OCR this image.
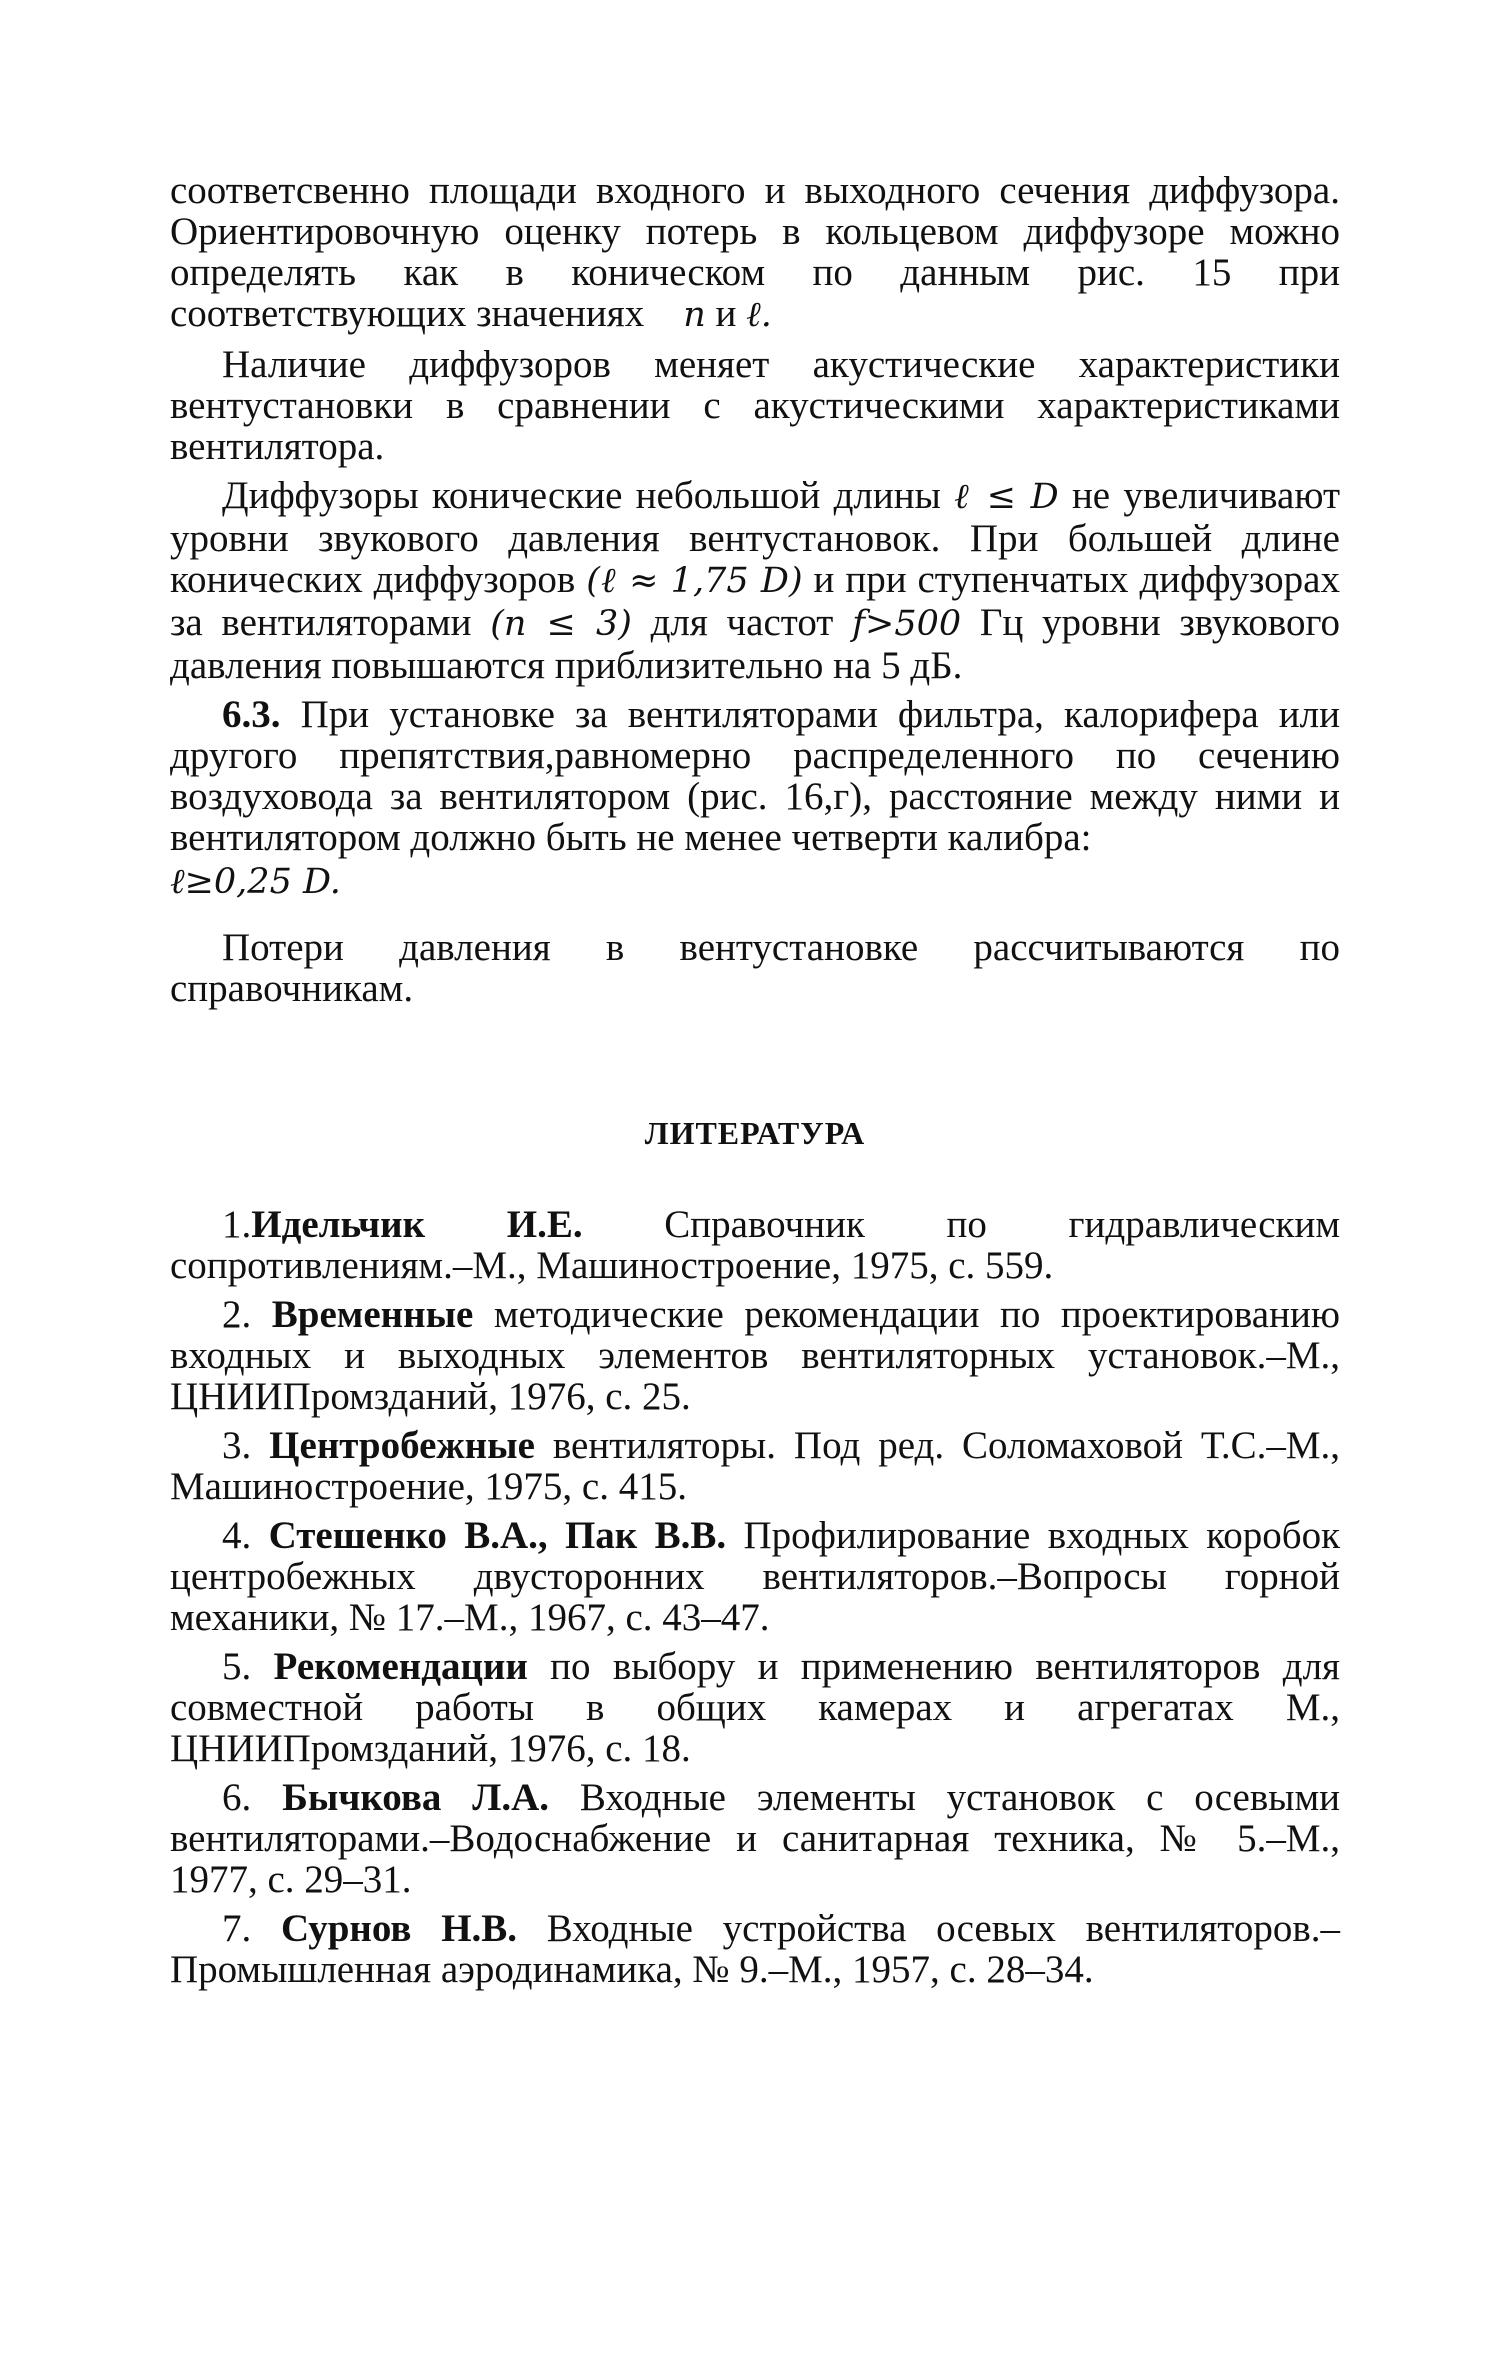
соответсвенно площади входного и выходного сечения диффузора. Ориентировочную оценку потерь в кольцевом диффузоре можно определять как в коническом по данным рис. 15 при соответствующих значениях n и ℓ.

Наличие диффузоров меняет акустические характеристики вентустановки в сравнении с акустическими характеристиками вентилятора.

Диффузоры конические небольшой длины ℓ ≤ D не увеличивают уровни звукового давления вентустановок. При большей длине конических диффузоров (ℓ ≈ 1,75 D) и при ступенчатых диффузорах за вентиляторами (n ≤ 3) для частот f>500 Гц уровни звукового давления повышаются приблизительно на 5 дБ.

6.3. При установке за вентиляторами фильтра, калорифера или другого препятствия,равномерно распределенного по сечению воздуховода за вентилятором (рис. 16,г), расстояние между ними и вентилятором должно быть не менее четверти калибра:

ℓ≥0,25 D.

Потери давления в вентустановке рассчитываются по справочникам.

ЛИТЕРАТУРА

1.Идельчик И.Е. Справочник по гидравлическим сопротивлениям.–М., Машиностроение, 1975, с. 559.

2. Временные методические рекомендации по проектированию входных и выходных элементов вентиляторных установок.–М., ЦНИИПромзданий, 1976, с. 25.

3. Центробежные вентиляторы. Под ред. Соломаховой Т.С.–М., Машиностроение, 1975, с. 415.

4. Стешенко В.А., Пак В.В. Профилирование входных коробок центробежных двусторонних вентиляторов.–Вопросы горной механики, № 17.–М., 1967, с. 43–47.

5. Рекомендации по выбору и применению вентиляторов для совместной работы в общих камерах и агрегатах М., ЦНИИПромзданий, 1976, с. 18.

6. Бычкова Л.А. Входные элементы установок с осевыми вентиляторами.–Водоснабжение и санитарная техника, № 5.–М., 1977, с. 29–31.

7. Сурнов Н.В. Входные устройства осевых вентиляторов.–Промышленная аэродинамика, № 9.–М., 1957, с. 28–34.
